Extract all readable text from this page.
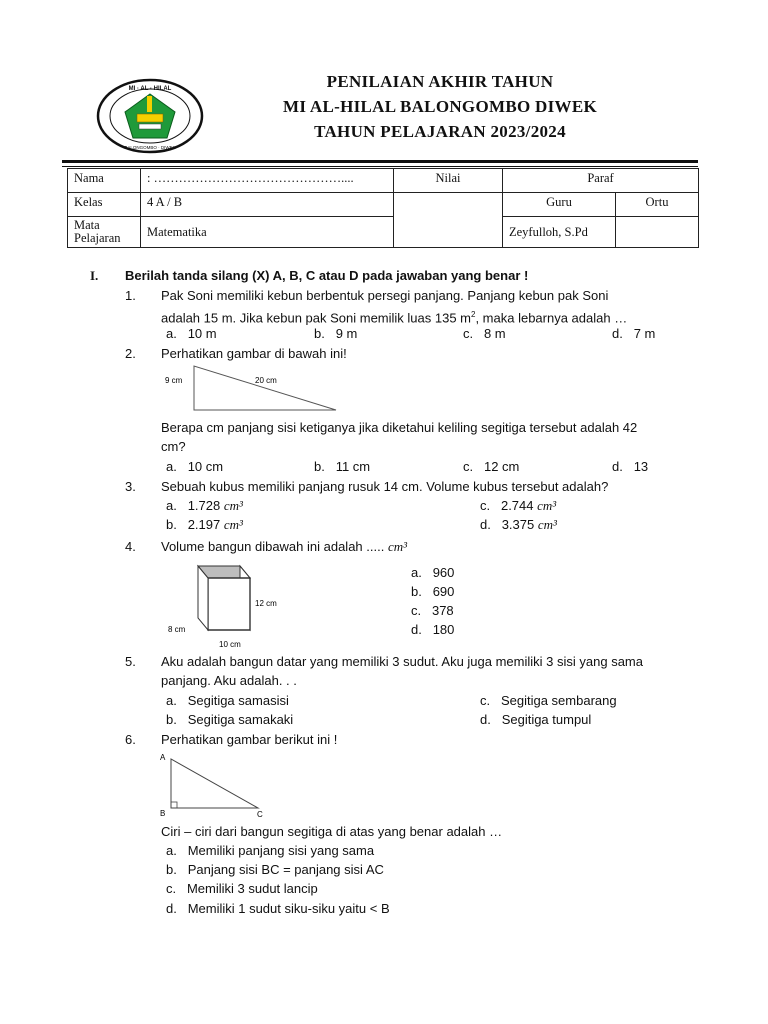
MI · AL · HILAL
BALONGOMBO · DIWEK
PENILAIAN AKHIR TAHUN
MI AL-HILAL BALONGOMBO DIWEK
TAHUN PELAJARAN 2023/2024
Nama	: ………………………………………....	Nilai	Paraf	
Kelas	4 A / B		Guru	Ortu
Mata
Pelajaran	Matematika		Zeyfulloh, S.Pd	
I. Berilah tanda silang (X) A, B, C atau D pada jawaban yang benar !
1. Pak Soni memiliki kebun berbentuk persegi panjang. Panjang kebun pak Soni
adalah 15 m. Jika kebun pak Soni memilik luas 135 $m^2$, maka lebarnya adalah …
a. 10 m	b. 9 m	c. 8 m	d. 7 m
2. Perhatikan gambar di bawah ini!
9 cm	20 cm
Berapa cm panjang sisi ketiganya jika diketahui keliling segitiga tersebut adalah 42
cm?
a. 10 cm	b. 11 cm	c. 12 cm	d. 13
3. Sebuah kubus memiliki panjang rusuk 14 cm. Volume kubus tersebut adalah?
a. 1.728 cm³
b. 2.197 cm³
c. 2.744 cm³
d. 3.375 cm³
4. Volume bangun dibawah ini adalah ..... cm³
12 cm
8 cm
10 cm
a. 960
b. 690
c. 378
d. 180
5. Aku adalah bangun datar yang memiliki 3 sudut. Aku juga memiliki 3 sisi yang sama
panjang. Aku adalah. . .
a. Segitiga samasisi
b. Segitiga samakaki
c. Segitiga sembarang
d. Segitiga tumpul
6. Perhatikan gambar berikut ini !
A
B	C
Ciri – ciri dari bangun segitiga di atas yang benar adalah …
a. Memiliki panjang sisi yang sama
b. Panjang sisi BC = panjang sisi AC
c. Memiliki 3 sudut lancip
d. Memiliki 1 sudut siku-siku yaitu < B
